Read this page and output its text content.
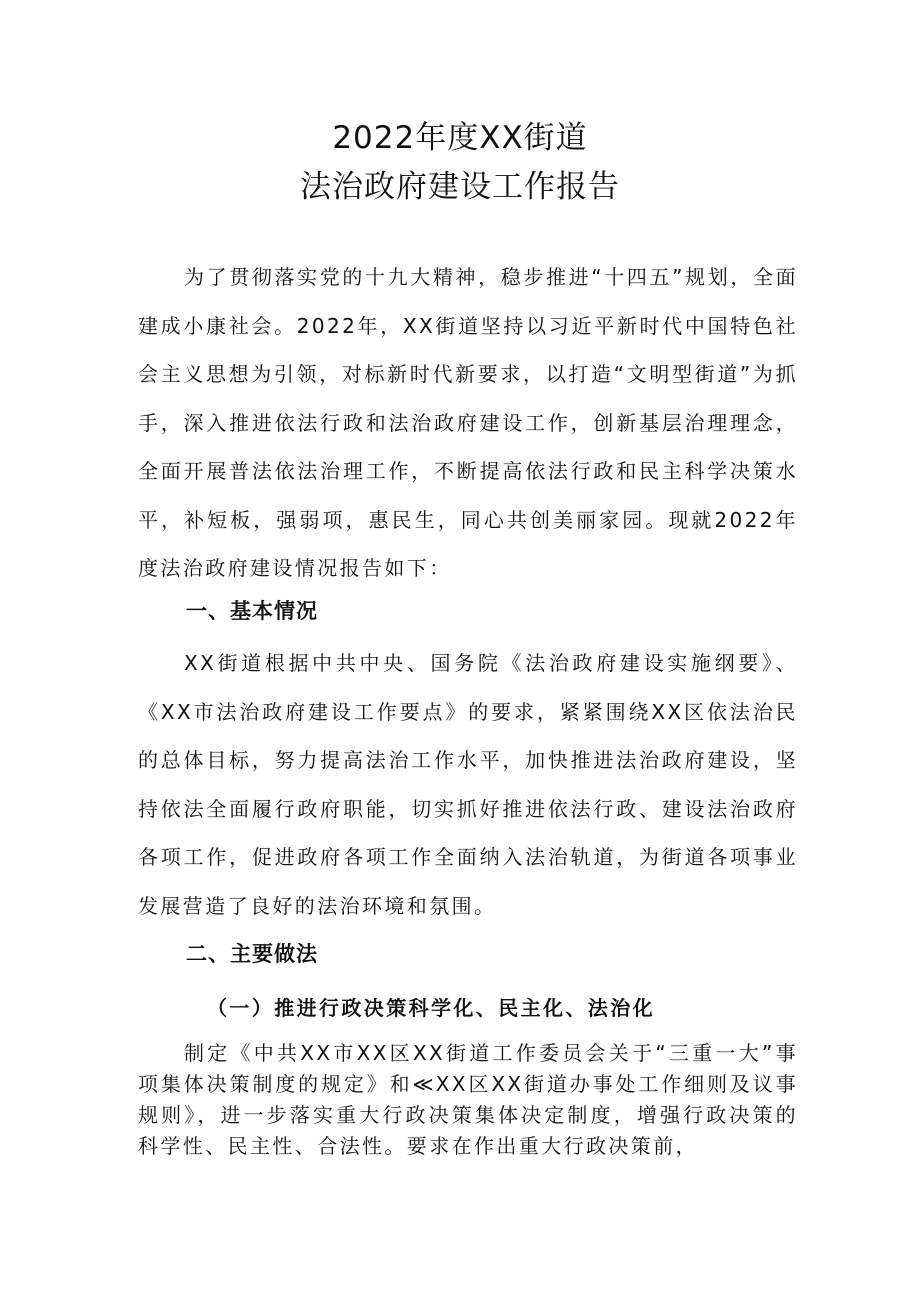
2022年度XX街道
法治政府建设工作报告

为了贯彻落实党的十九大精神，稳步推进“十四五”规划，全面建成小康社会。2022年，XX街道坚持以习近平新时代中国特色社会主义思想为引领，对标新时代新要求，以打造“文明型街道”为抓手，深入推进依法行政和法治政府建设工作，创新基层治理理念，全面开展普法依法治理工作，不断提高依法行政和民主科学决策水平，补短板，强弱项，惠民生，同心共创美丽家园。现就2022年度法治政府建设情况报告如下：

一、基本情况

XX街道根据中共中央、国务院《法治政府建设实施纲要》、《XX市法治政府建设工作要点》的要求，紧紧围绕XX区依法治民的总体目标，努力提高法治工作水平，加快推进法治政府建设，坚持依法全面履行政府职能，切实抓好推进依法行政、建设法治政府各项工作，促进政府各项工作全面纳入法治轨道，为街道各项事业发展营造了良好的法治环境和氛围。

二、主要做法
（一）推进行政决策科学化、民主化、法治化

制定《中共XX市XX区XX街道工作委员会关于“三重一大”事项集体决策制度的规定》和≪XX区XX街道办事处工作细则及议事规则》，进一步落实重大行政决策集体决定制度，增强行政决策的科学性、民主性、合法性。要求在作出重大行政决策前，
